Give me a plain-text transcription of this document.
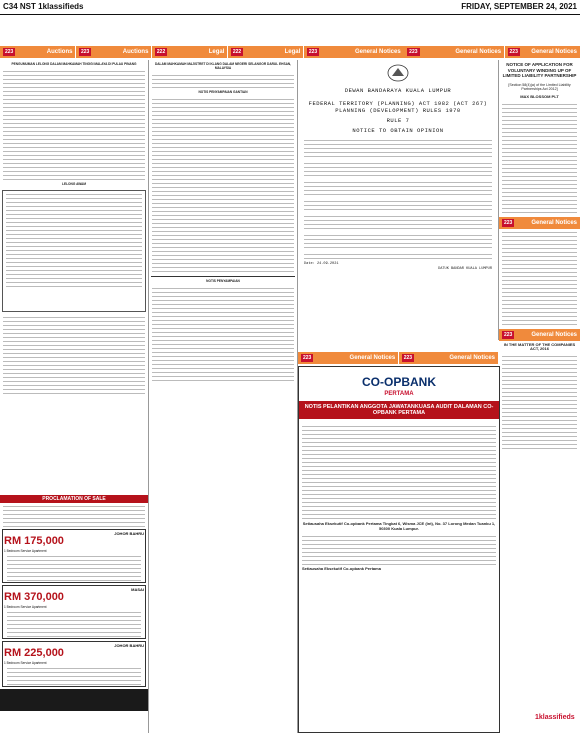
C34 NST 1klassifieds	FRIDAY, SEPTEMBER 24, 2021
223	Auctions	223	Auctions	222	Legal	222	Legal	223	General Notices	223	General Notices	223	General Notices
PENGUMUMAN LELONG DALAM MAHKAMAH TINGGI MALAYA DI PULAU PINANG
LELONG AWAM
PROCLAMATION OF SALE
RM 175,000
JOHOR BAHRU
1 Bedroom Service Apartment
RM 370,000
MASAI
1 Bedroom Service Apartment
RM 225,000
JOHOR BAHRU
1 Bedroom Service Apartment
DALAM MAHKAMAH MAJISTRET DI KLANG DALAM NEGERI SELANGOR DARUL EHSAN, MALAYSIA
NOTIS PENYAMPAIAN GANTIAN
NOTIS PENYAMPAIAN
DEWAN BANDARAYA KUALA LUMPUR
FEDERAL TERRITORY (PLANNING) ACT 1982 (ACT 267)
PLANNING (DEVELOPMENT) RULES 1970
RULE 7
NOTICE TO OBTAIN OPINION
Date: 24.09.2021
DATUK BANDAR KUALA LUMPUR
223	General Notices	223	General Notices
CO-OPBANK
PERTAMA
NOTIS PELANTIKAN ANGGOTA JAWATANKUASA AUDIT DALAMAN CO-OPBANK PERTAMA
Setiausaha Eksekutif Co-opbank Pertama Tingkat 6, Wisma JCE (Int), No. 37 Lorong Medan Tuanku 1, 50300 Kuala Lumpur.
Setiausaha Eksekutif Co-opbank Pertama
NOTICE OF APPLICATION FOR VOLUNTARY WINDING UP OF LIMITED LIABILITY PARTNERSHIP
[Section 58(4)(a) of the Limited Liability Partnerships Act 2012]
MAX BLOSSOM PLT
223	General Notices
223	General Notices
IN THE MATTER OF THE COMPANIES ACT, 2016
1klassifieds
